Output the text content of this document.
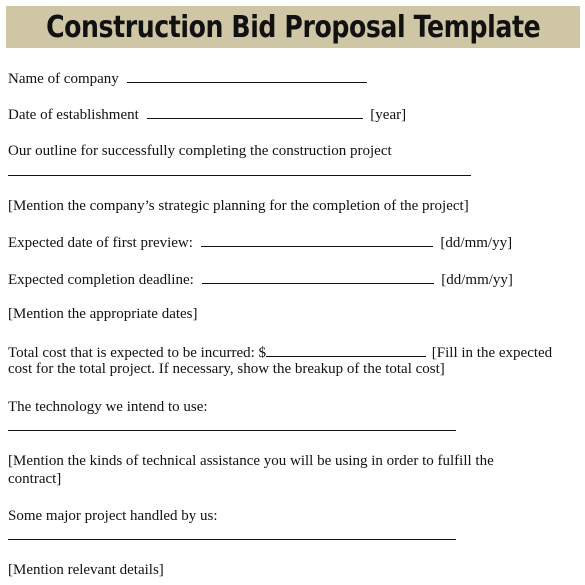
Construction Bid Proposal Template
Name of company
Date of establishment	[year]
Our outline for successfully completing the construction project
[Mention the company’s strategic planning for the completion of the project]
Expected date of first preview:	[dd/mm/yy]
Expected completion deadline:	[dd/mm/yy]
[Mention the appropriate dates]
Total cost that is expected to be incurred: $	[Fill in the expected
cost for the total project. If necessary, show the breakup of the total cost]
The technology we intend to use:
[Mention the kinds of technical assistance you will be using in order to fulfill the
contract]
Some major project handled by us:
[Mention relevant details]
